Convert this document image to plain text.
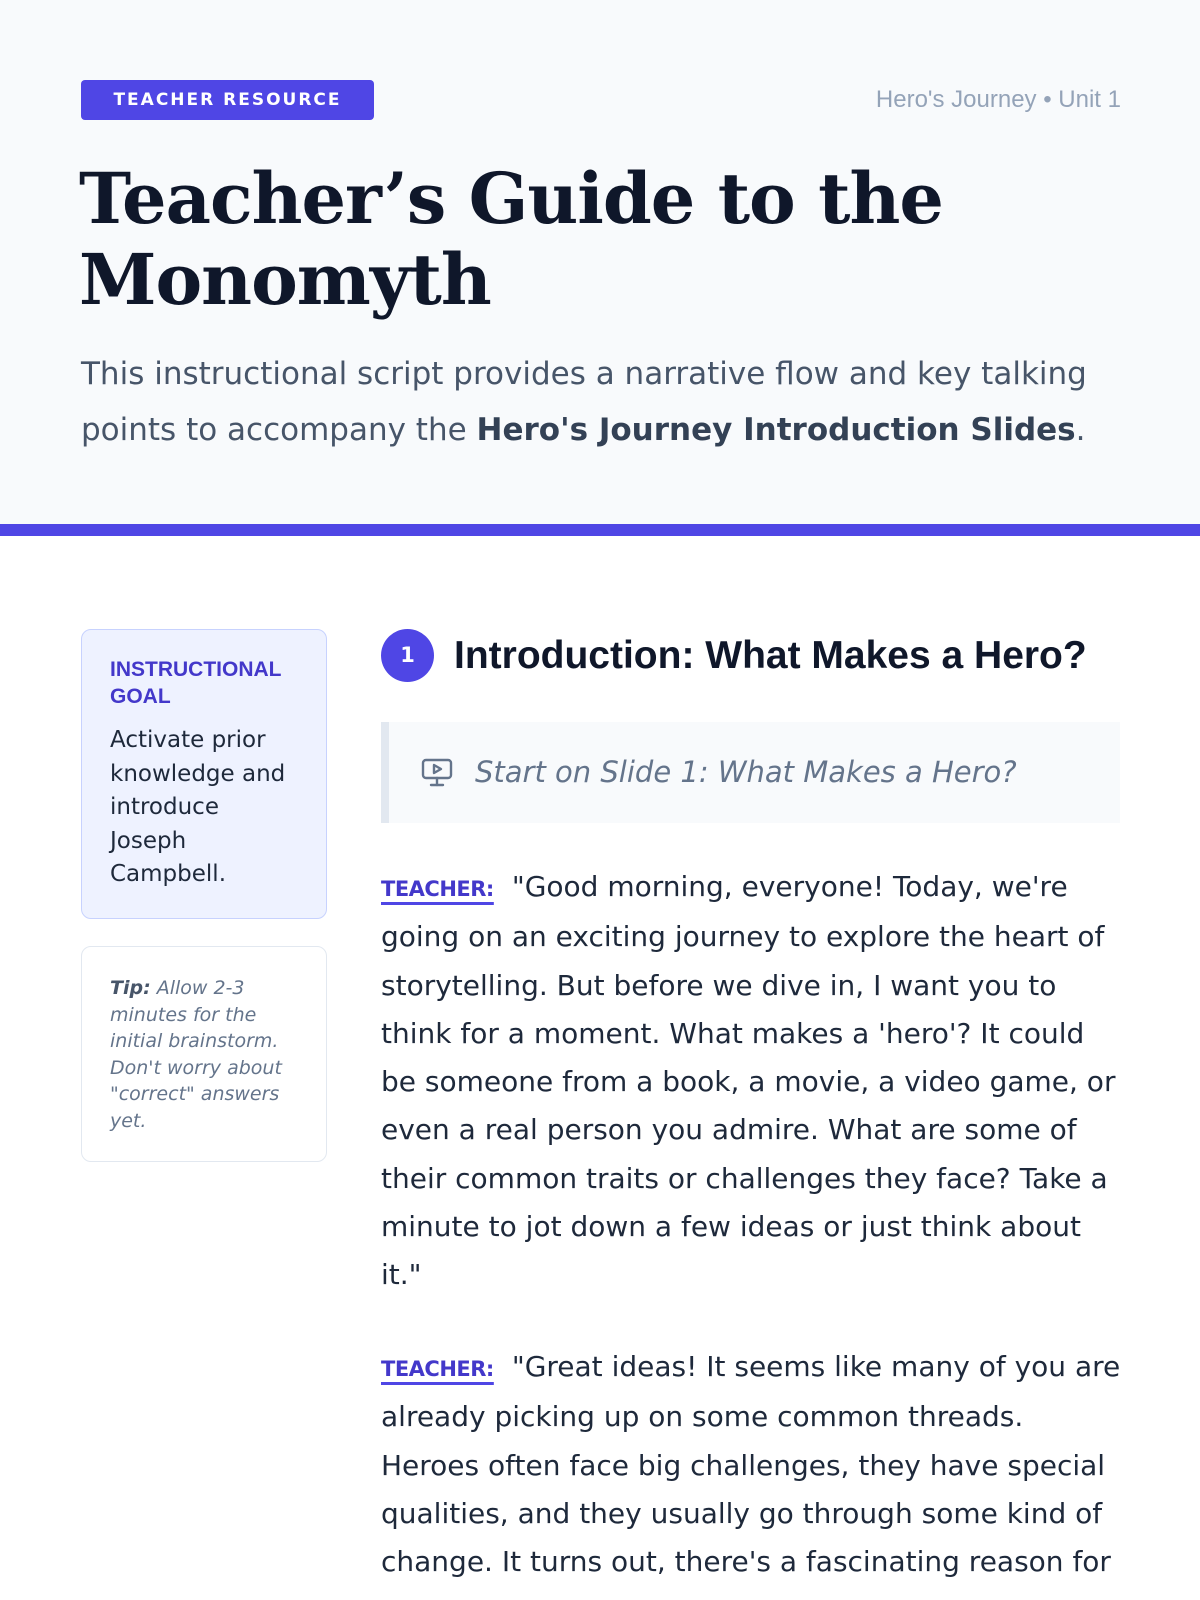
TEACHER RESOURCE	Hero's Journey • Unit 1
Teacher’s Guide to the Monomyth

This instructional script provides a narrative flow and key talking points to accompany the Hero's Journey Introduction Slides.

INSTRUCTIONAL GOAL

Activate prior knowledge and introduce Joseph Campbell.

Tip: Allow 2-3 minutes for the initial brainstorm. Don't worry about "correct" answers yet.

1	Introduction: What Makes a Hero?
Start on Slide 1: What Makes a Hero?

TEACHER: "Good morning, everyone! Today, we're going on an exciting journey to explore the heart of storytelling. But before we dive in, I want you to think for a moment. What makes a 'hero'? It could be someone from a book, a movie, a video game, or even a real person you admire. What are some of their common traits or challenges they face? Take a minute to jot down a few ideas or just think about it."

TEACHER: "Great ideas! It seems like many of you are already picking up on some common threads. Heroes often face big challenges, they have special qualities, and they usually go through some kind of change. It turns out, there's a fascinating reason for
